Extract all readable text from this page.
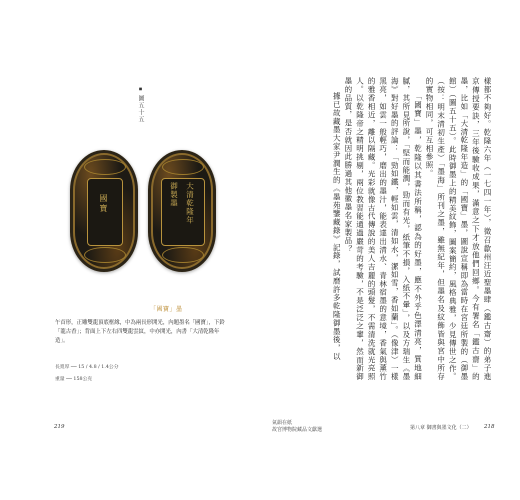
◆圖五十五
國寶	大清乾隆年
御製墨
「國寶」墨
午首形，正雕雙龍頂底框緣，中為兩長形開光，內題墨名「國寶」，下鈴「龍古香」；背面上下左右四雙龍雲紋，中亦開光，內書「大清乾隆年造」。
長寬厚 ── 15 / 4.8 / 1.4公分
重量 ── 158公克
219

樣都不夠好。乾隆六年（一七四一年），徵召歙州汪近聖墨肆（鑑古齋）的弟子進京傳授要訣，三年後驗收成果，滿意之下才放他們回鄉。今有署名「鑑古齋」的墨，比如「大清乾隆年造」的「國寶」墨，圖說宣稱即為當時在宮廷所製的（御墨館）（圖五十五）。此時御墨上的精美紋飾，圖案簡約，風格典雅，少見傳世之作。（按：明末清初生產）「墨海」所刊之墨，雖無紀年，但墨名及紋飾皆與宮中所存的實物相同，可互相參照。

「國寶」墨，乾隆以其書法所稱，認為的好墨，應不外乎色澤清亮，質地細膩，其所見所說，「堅而能潤，勁而有光，紙筆不損，入紙不暈」，以及方瑞生《墨海》對好墨的評論：「勁如鐵，輕如雲，清如水，潔如雪，香如蘭」。（像津）一樣黑亮，如雲一般輕巧，磨出的墨汁，能表達出清水、青林宿墨的意境，香氣與薰竹的雅香相近，離以隔藏。光彩就像古代傳說的美人吉麗的頭髮，不需清洗就光亮照人。以乾隆帝之精明挑剔，兩位教習能通過嚴苛的考驗，不是泛泛之輩，然而新御墨的品質，是否就因此勝過其他徽墨名家製品？

據已故藏墨大家尹潤生的《墨苑鑒藏錄》記錄，試磨許多乾隆御墨後，以

氣韻在紙
故宮博物院藏品文獻選	第八章 御書與墨文化（二） 218
